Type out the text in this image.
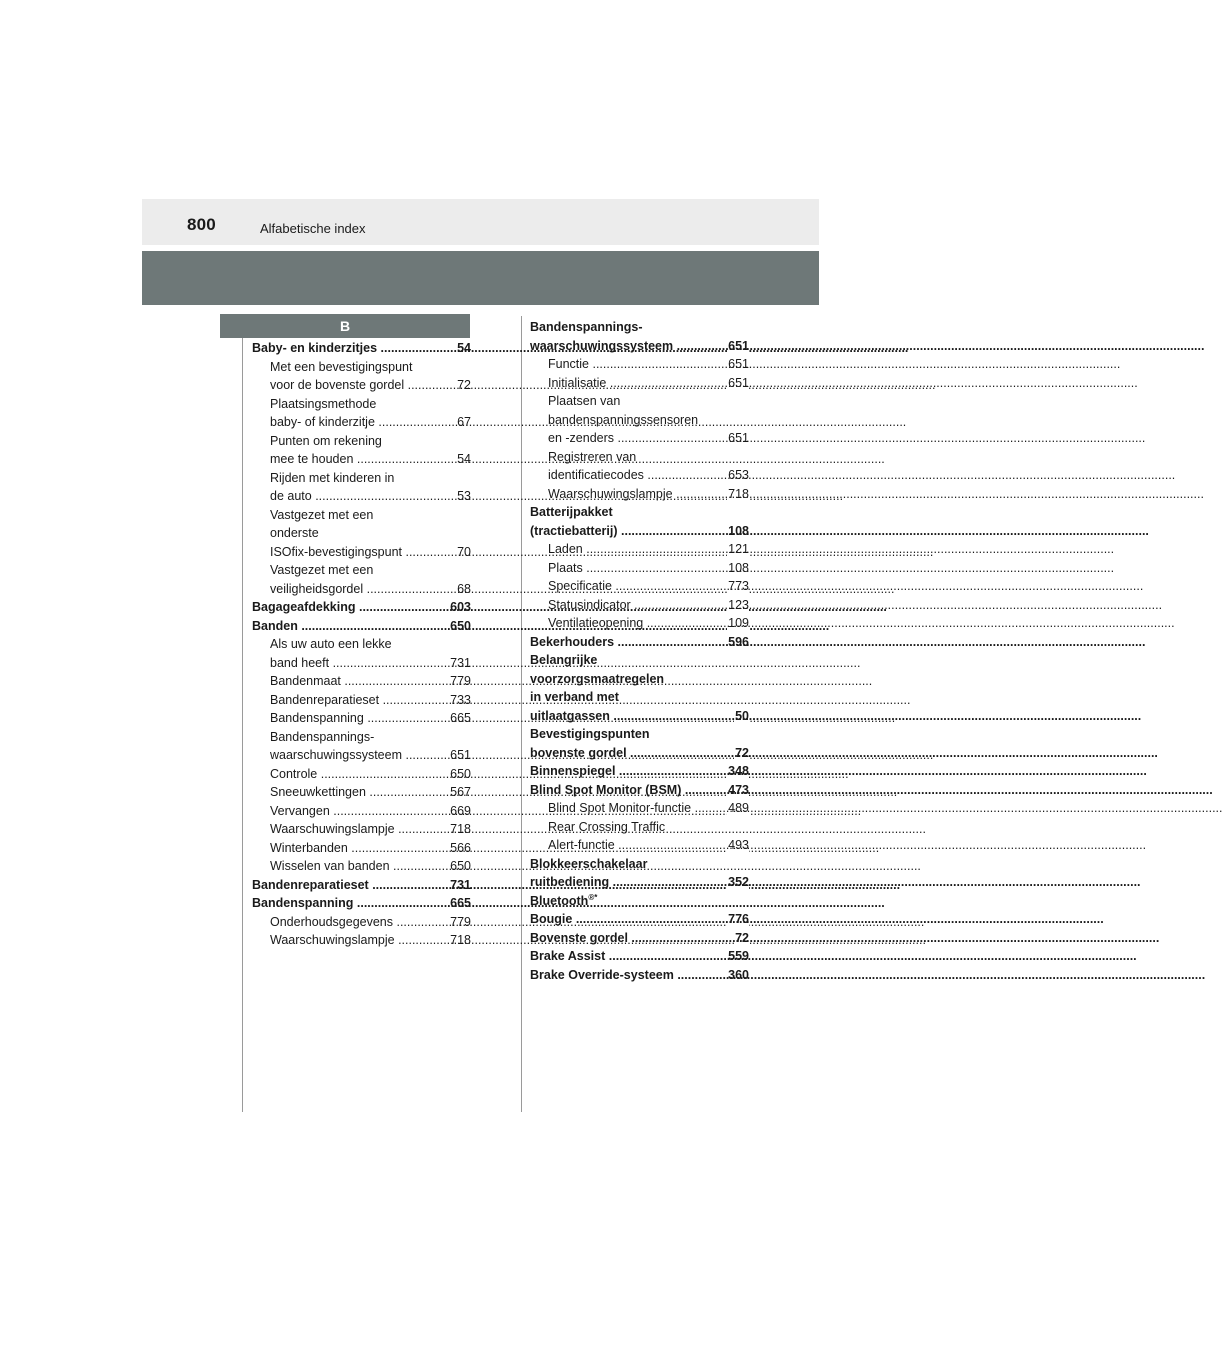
800	Alfabetische index
B
54
Baby- en kinderzitjes .....
Met een bevestigingspunt
72
voor de bovenste gordel .....
Plaatsingsmethode
67
baby- of kinderzitje .....
Punten om rekening
54
mee te houden .....
Rijden met kinderen in
53
de auto .....
Vastgezet met een
onderste
70
ISOfix-bevestigingspunt .....
Vastgezet met een
68
veiligheidsgordel .....
603
Bagageafdekking .....
650
Banden .....
Als uw auto een lekke
731
band heeft .....
779
Bandenmaat .....
733
Bandenreparatieset .....
665
Bandenspanning .....
Bandenspannings-
651
waarschuwingssysteem .....
650
Controle .....
567
Sneeuwkettingen .....
669
Vervangen .....
718
Waarschuwingslampje .....
566
Winterbanden .....
650
Wisselen van banden .....
731
Bandenreparatieset .....
665
Bandenspanning .....
779
Onderhoudsgegevens .....
718
Waarschuwingslampje .....
Bandenspannings-
651
waarschuwingssysteem .....
651
Functie .....
651
Initialisatie .....
Plaatsen van
bandenspanningssensoren
651
en -zenders .....
Registreren van
653
identificatiecodes .....
718
Waarschuwingslampje .....
Batterijpakket
108
(tractiebatterij) .....
121
Laden .....
108
Plaats .....
773
Specificatie .....
123
Statusindicator .....
109
Ventilatieopening .....
596
Bekerhouders .....
Belangrijke
voorzorgsmaatregelen
in verband met
50
uitlaatgassen .....
Bevestigingspunten
72
bovenste gordel .....
348
Binnenspiegel .....
473
Blind Spot Monitor (BSM) .....
489
Blind Spot Monitor-functie .....
Rear Crossing Traffic
493
Alert-functie .....
Blokkeerschakelaar
352
ruitbediening .....
Bluetooth®*
776
Bougie .....
72
Bovenste gordel .....
559
Brake Assist .....
360
Brake Override-systeem .....
